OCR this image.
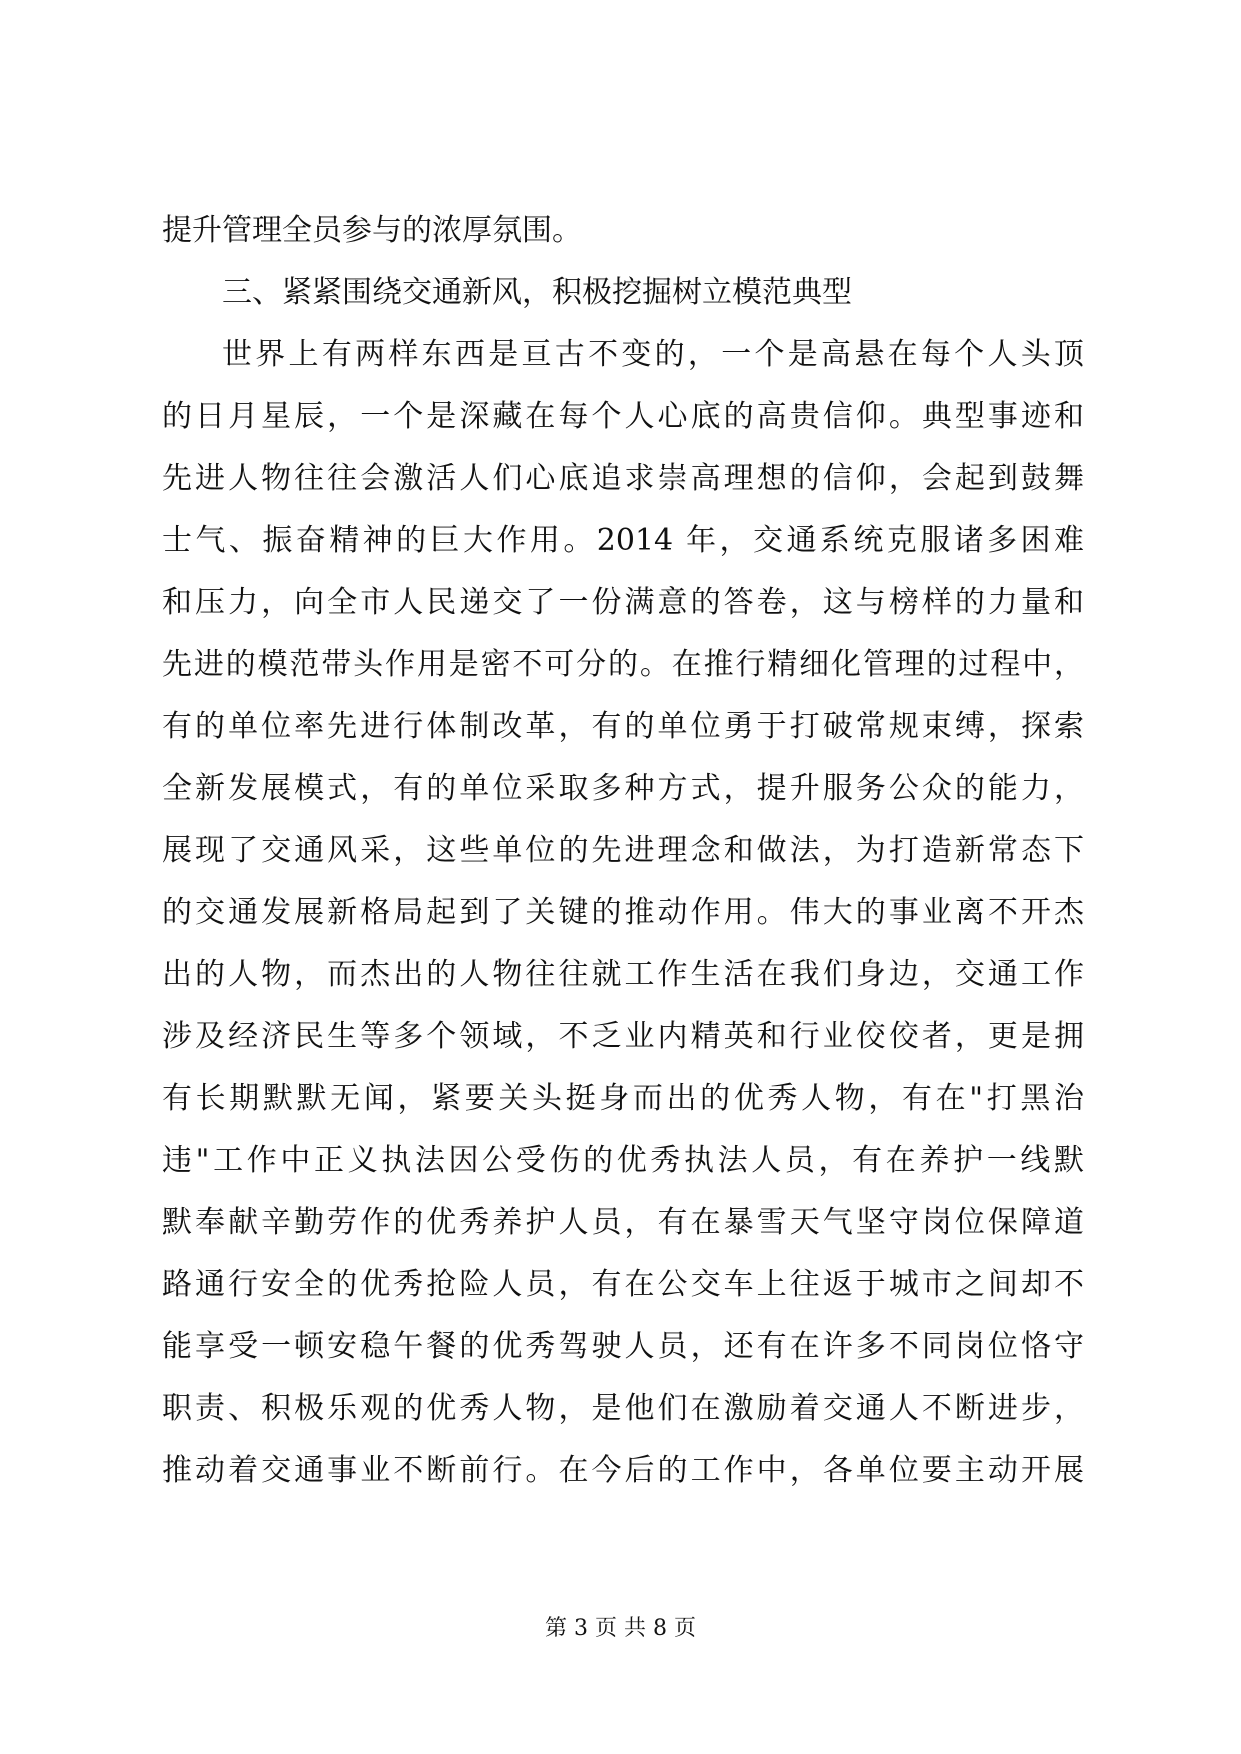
提升管理全员参与的浓厚氛围。
三、紧紧围绕交通新风，积极挖掘树立模范典型
世界上有两样东西是亘古不变的，一个是高悬在每个人头顶
的日月星辰，一个是深藏在每个人心底的高贵信仰。典型事迹和
先进人物往往会激活人们心底追求崇高理想的信仰，会起到鼓舞
士气、振奋精神的巨大作用。2014 年，交通系统克服诸多困难
和压力，向全市人民递交了一份满意的答卷，这与榜样的力量和
先进的模范带头作用是密不可分的。在推行精细化管理的过程中，
有的单位率先进行体制改革，有的单位勇于打破常规束缚，探索
全新发展模式，有的单位采取多种方式，提升服务公众的能力，
展现了交通风采，这些单位的先进理念和做法，为打造新常态下
的交通发展新格局起到了关键的推动作用。伟大的事业离不开杰
出的人物，而杰出的人物往往就工作生活在我们身边，交通工作
涉及经济民生等多个领域，不乏业内精英和行业佼佼者，更是拥
有长期默默无闻，紧要关头挺身而出的优秀人物，有在"打黑治
违"工作中正义执法因公受伤的优秀执法人员，有在养护一线默
默奉献辛勤劳作的优秀养护人员，有在暴雪天气坚守岗位保障道
路通行安全的优秀抢险人员，有在公交车上往返于城市之间却不
能享受一顿安稳午餐的优秀驾驶人员，还有在许多不同岗位恪守
职责、积极乐观的优秀人物，是他们在激励着交通人不断进步，
推动着交通事业不断前行。在今后的工作中，各单位要主动开展
第 3 页 共 8 页
